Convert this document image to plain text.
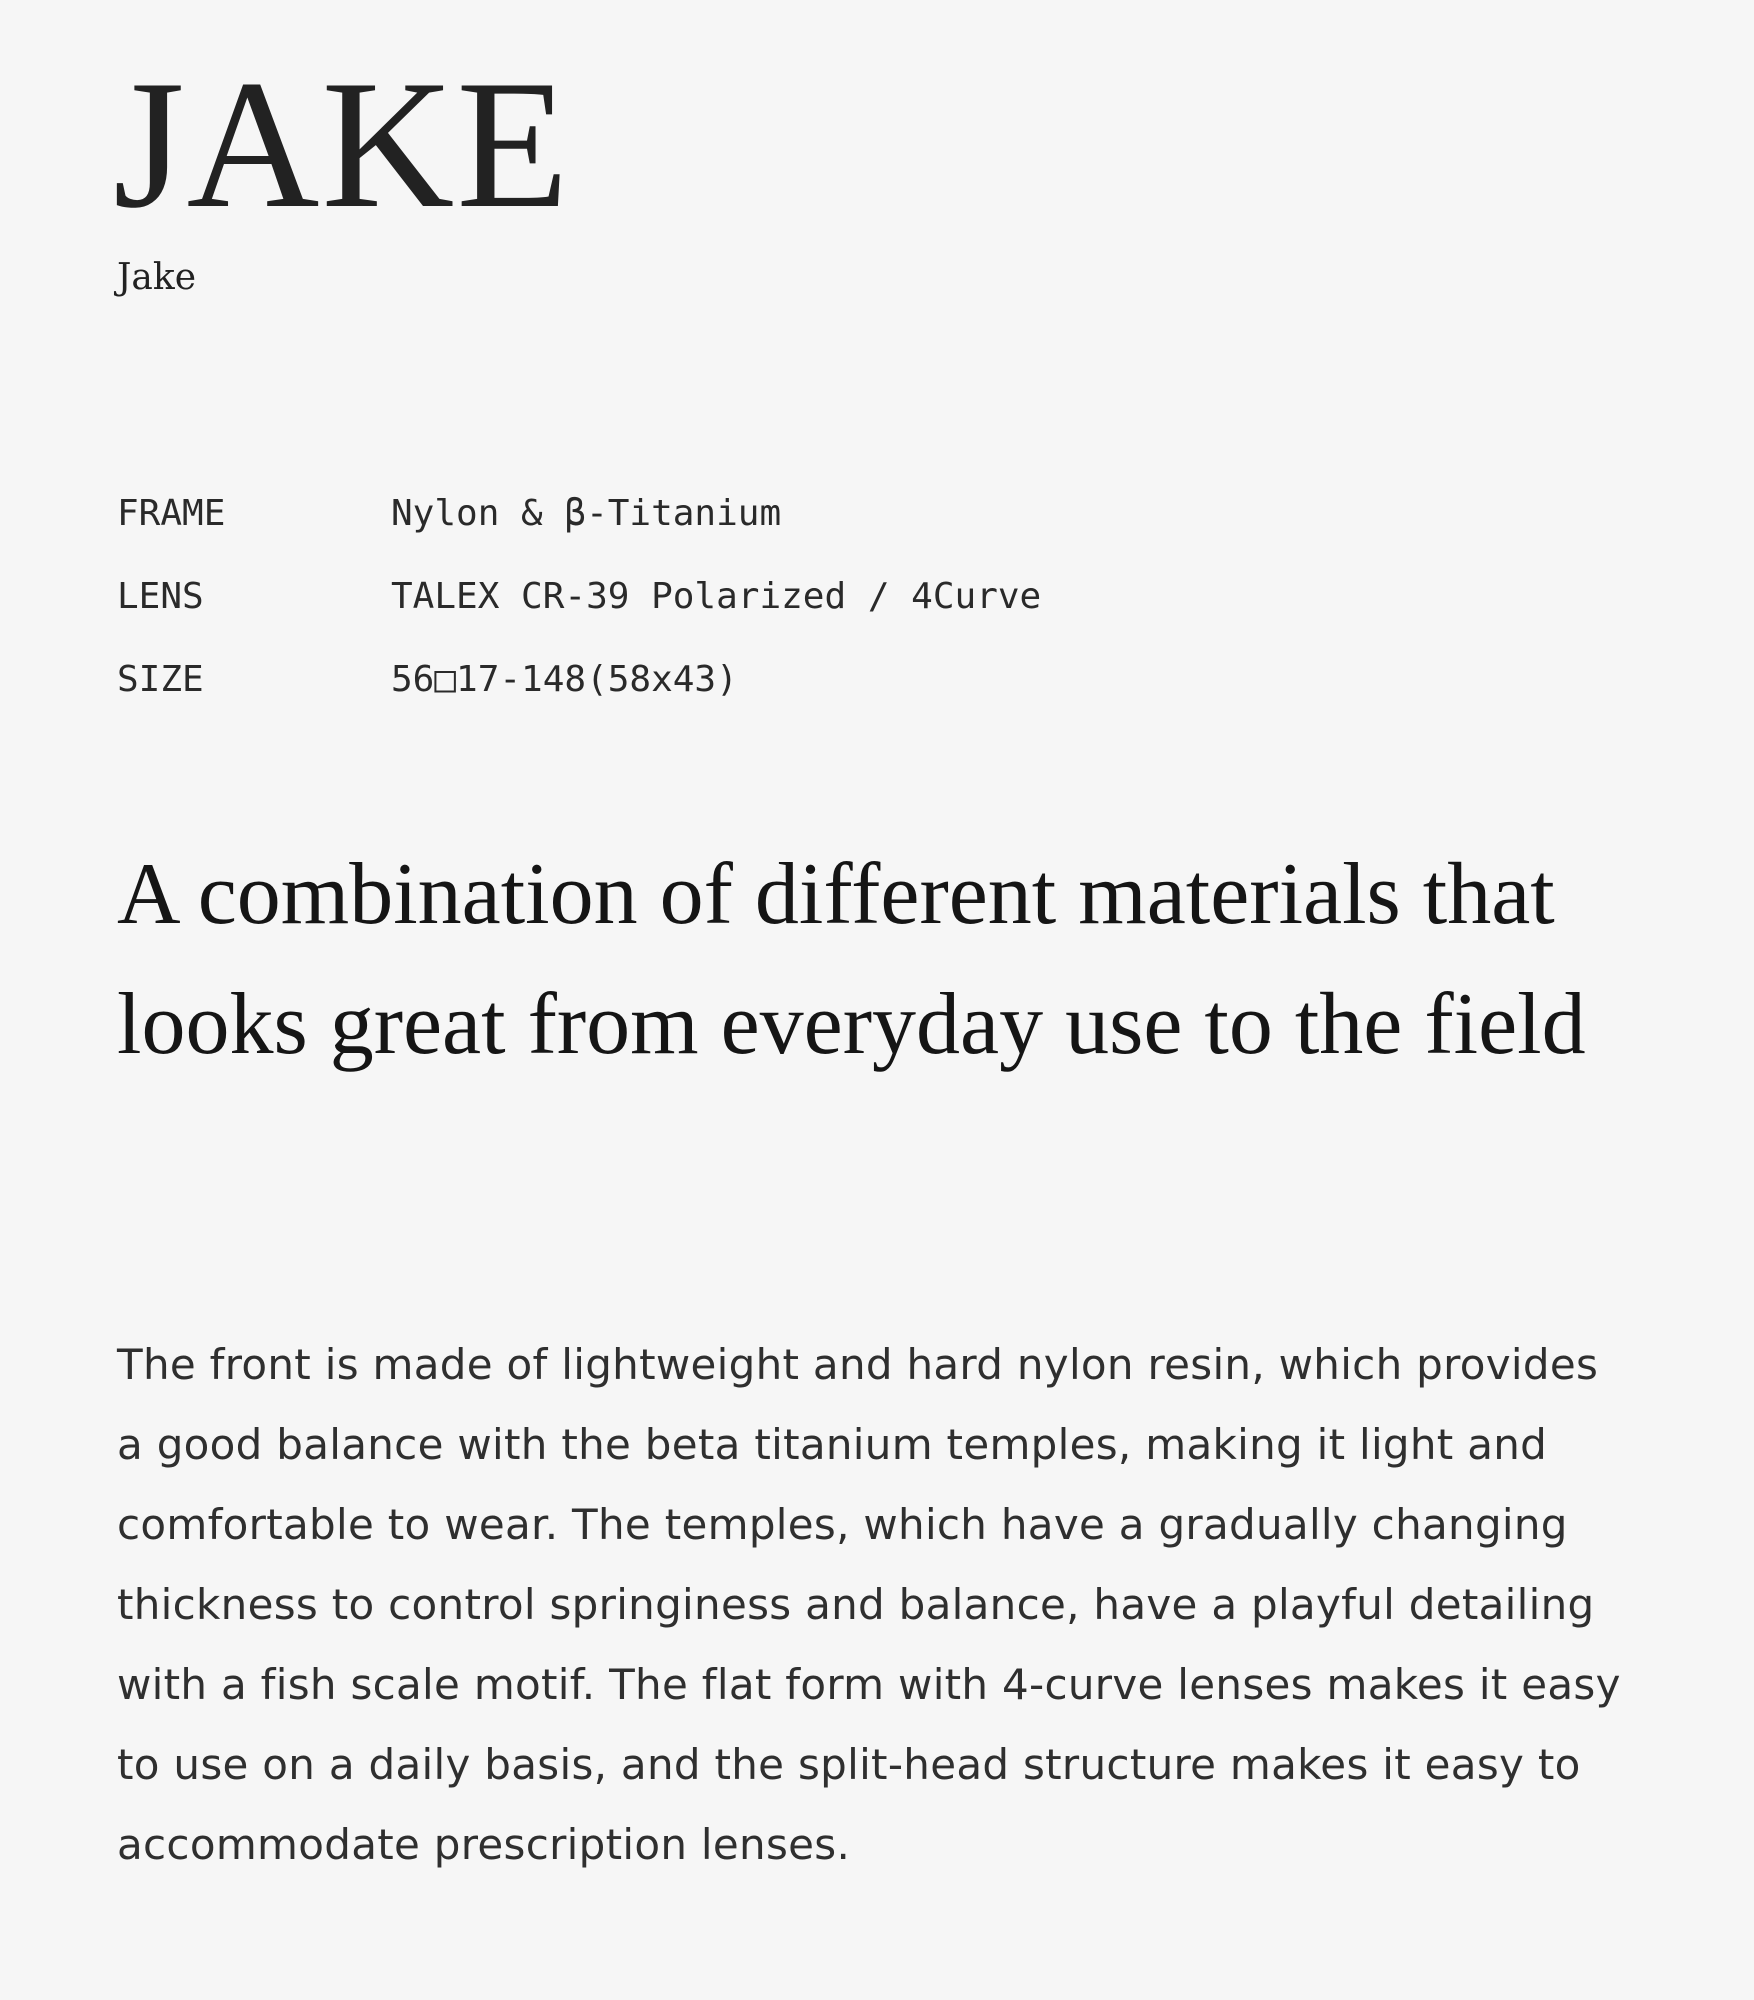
JAKE
Jake
FRAME	Nylon & β-Titanium
LENS	TALEX CR-39 Polarized / 4Curve
SIZE	56□17-148(58x43)
A combination of different materials that looks great from everyday use to the field

The front is made of lightweight and hard nylon resin, which provides a good balance with the beta titanium temples, making it light and comfortable to wear. The temples, which have a gradually changing thickness to control springiness and balance, have a playful detailing with a fish scale motif. The flat form with 4-curve lenses makes it easy to use on a daily basis, and the split-head structure makes it easy to accommodate prescription lenses.
